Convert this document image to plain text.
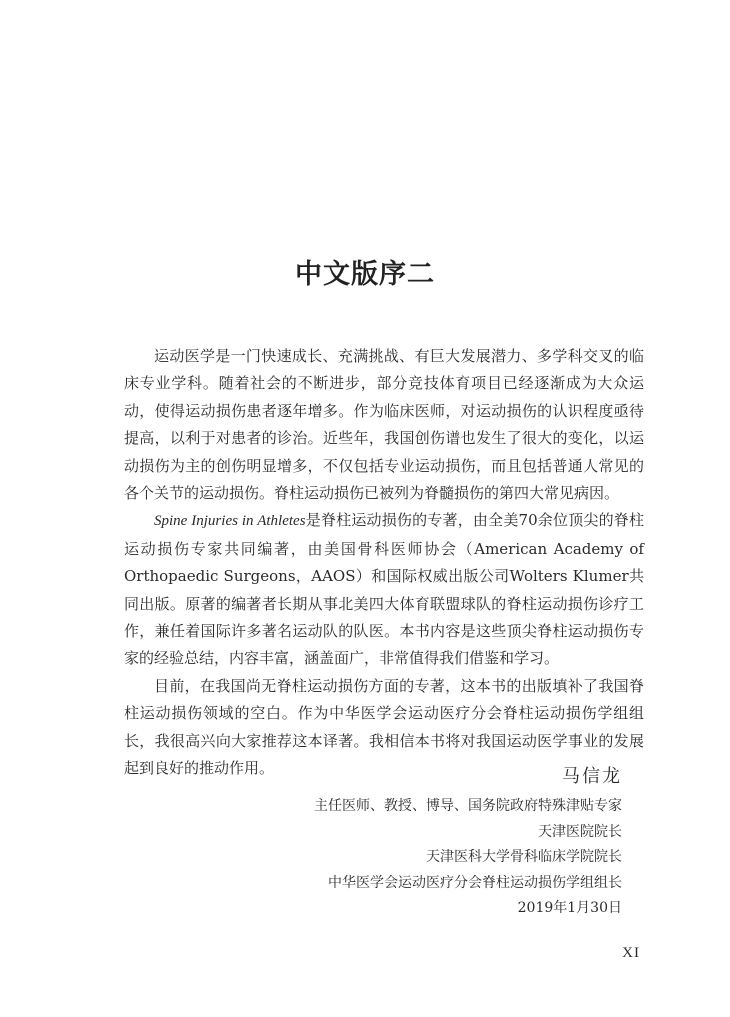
中文版序二

运动医学是一门快速成长、充满挑战、有巨大发展潜力、多学科交叉的临床专业学科。随着社会的不断进步，部分竞技体育项目已经逐渐成为大众运动，使得运动损伤患者逐年增多。作为临床医师，对运动损伤的认识程度亟待提高，以利于对患者的诊治。近些年，我国创伤谱也发生了很大的变化，以运动损伤为主的创伤明显增多，不仅包括专业运动损伤，而且包括普通人常见的各个关节的运动损伤。脊柱运动损伤已被列为脊髓损伤的第四大常见病因。

Spine Injuries in Athletes是脊柱运动损伤的专著，由全美70余位顶尖的脊柱运动损伤专家共同编著，由美国骨科医师协会（American Academy of Orthopaedic Surgeons，AAOS）和国际权威出版公司Wolters Klumer共同出版。原著的编著者长期从事北美四大体育联盟球队的脊柱运动损伤诊疗工作，兼任着国际许多著名运动队的队医。本书内容是这些顶尖脊柱运动损伤专家的经验总结，内容丰富，涵盖面广，非常值得我们借鉴和学习。

目前，在我国尚无脊柱运动损伤方面的专著，这本书的出版填补了我国脊柱运动损伤领域的空白。作为中华医学会运动医疗分会脊柱运动损伤学组组长，我很高兴向大家推荐这本译著。我相信本书将对我国运动医学事业的发展起到良好的推动作用。	马信龙
主任医师、教授、博导、国务院政府特殊津贴专家
天津医院院长
天津医科大学骨科临床学院院长
中华医学会运动医疗分会脊柱运动损伤学组组长
2019年1月30日
XI
